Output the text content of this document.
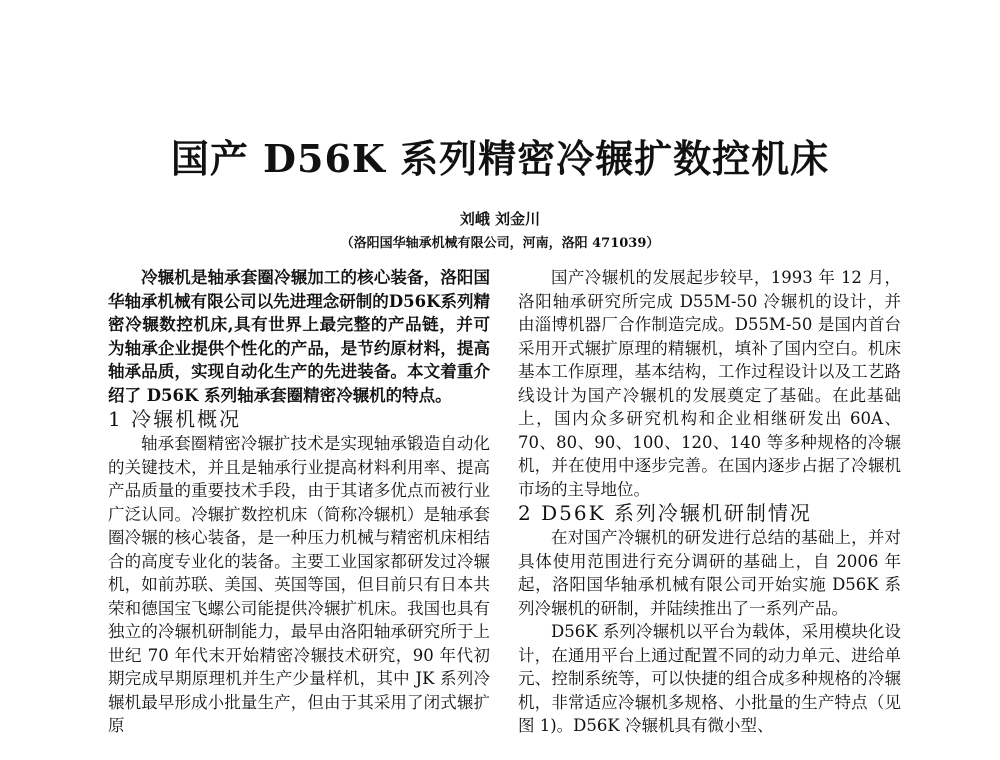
国产 D56K 系列精密冷辗扩数控机床
刘峨 刘金川
（洛阳国华轴承机械有限公司，河南，洛阳 471039）

冷辗机是轴承套圈冷辗加工的核心装备，洛阳国华轴承机械有限公司以先进理念研制的D56K系列精密冷辗数控机床,具有世界上最完整的产品链，并可为轴承企业提供个性化的产品，是节约原材料，提高轴承品质，实现自动化生产的先进装备。本文着重介绍了 D56K 系列轴承套圈精密冷辗机的特点。

1 冷辗机概况

轴承套圈精密冷辗扩技术是实现轴承锻造自动化的关键技术，并且是轴承行业提高材料利用率、提高产品质量的重要技术手段，由于其诸多优点而被行业广泛认同。冷辗扩数控机床（简称冷辗机）是轴承套圈冷辗的核心装备，是一种压力机械与精密机床相结合的高度专业化的装备。主要工业国家都研发过冷辗机，如前苏联、美国、英国等国，但目前只有日本共荣和德国宝飞螺公司能提供冷辗扩机床。我国也具有独立的冷辗机研制能力，最早由洛阳轴承研究所于上世纪 70 年代末开始精密冷辗技术研究，90 年代初期完成早期原理机并生产少量样机，其中 JK 系列冷辗机最早形成小批量生产，但由于其采用了闭式辗扩原

国产冷辗机的发展起步较早，1993 年 12 月，洛阳轴承研究所完成 D55M-50 冷辗机的设计，并由淄博机器厂合作制造完成。D55M-50 是国内首台采用开式辗扩原理的精辗机，填补了国内空白。机床基本工作原理，基本结构，工作过程设计以及工艺路线设计为国产冷辗机的发展奠定了基础。在此基础上，国内众多研究机构和企业相继研发出 60A、70、80、90、100、120、140 等多种规格的冷辗机，并在使用中逐步完善。在国内逐步占据了冷辗机市场的主导地位。

2 D56K 系列冷辗机研制情况

在对国产冷辗机的研发进行总结的基础上，并对具体使用范围进行充分调研的基础上，自 2006 年起，洛阳国华轴承机械有限公司开始实施 D56K 系列冷辗机的研制，并陆续推出了一系列产品。

D56K 系列冷辗机以平台为载体，采用模块化设计，在通用平台上通过配置不同的动力单元、进给单元、控制系统等，可以快捷的组合成多种规格的冷辗机，非常适应冷辗机多规格、小批量的生产特点（见图 1)。D56K 冷辗机具有微小型、
